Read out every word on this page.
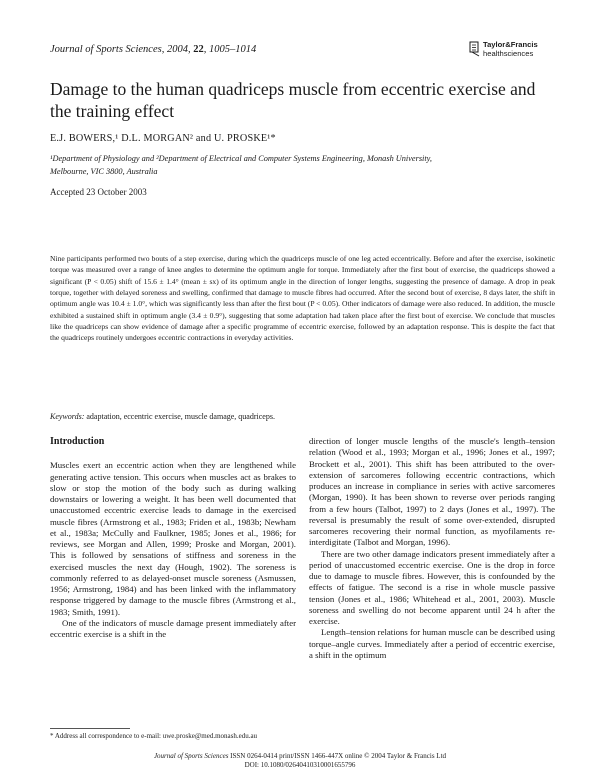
Journal of Sports Sciences, 2004, 22, 1005–1014	Taylor&Francis
healthsciences
Damage to the human quadriceps muscle from eccentric exercise and the training effect
E.J. BOWERS,¹ D.L. MORGAN² and U. PROSKE¹*
¹Department of Physiology and ²Department of Electrical and Computer Systems Engineering, Monash University,
Melbourne, VIC 3800, Australia
Accepted 23 October 2003
Nine participants performed two bouts of a step exercise, during which the quadriceps muscle of one leg acted eccentrically. Before and after the exercise, isokinetic torque was measured over a range of knee angles to determine the optimum angle for torque. Immediately after the first bout of exercise, the quadriceps showed a significant (P < 0.05) shift of 15.6 ± 1.4° (mean ± sx) of its optimum angle in the direction of longer lengths, suggesting the presence of damage. A drop in peak torque, together with delayed soreness and swelling, confirmed that damage to muscle fibres had occurred. After the second bout of exercise, 8 days later, the shift in optimum angle was 10.4 ± 1.0°, which was significantly less than after the first bout (P < 0.05). Other indicators of damage were also reduced. In addition, the muscle exhibited a sustained shift in optimum angle (3.4 ± 0.9°), suggesting that some adaptation had taken place after the first bout of exercise. We conclude that muscles like the quadriceps can show evidence of damage after a specific programme of eccentric exercise, followed by an adaptation response. This is despite the fact that the quadriceps routinely undergoes eccentric contractions in everyday activities.
Keywords: adaptation, eccentric exercise, muscle damage, quadriceps.
Introduction

Muscles exert an eccentric action when they are lengthened while generating active tension. This occurs when muscles act as brakes to slow or stop the motion of the body such as during walking downstairs or lowering a weight. It has been well documented that unaccustomed eccentric exercise leads to damage in the exercised muscle fibres (Armstrong et al., 1983; Friden et al., 1983b; Newham et al., 1983a; McCully and Faulkner, 1985; Jones et al., 1986; for reviews, see Morgan and Allen, 1999; Proske and Morgan, 2001). This is followed by sensations of stiffness and soreness in the exercised muscles the next day (Hough, 1902). The soreness is commonly referred to as delayed-onset muscle soreness (Asmussen, 1956; Armstrong, 1984) and has been linked with the inflammatory response triggered by damage to the muscle fibres (Armstrong et al., 1983; Smith, 1991).

One of the indicators of muscle damage present immediately after eccentric exercise is a shift in the

direction of longer muscle lengths of the muscle's length–tension relation (Wood et al., 1993; Morgan et al., 1996; Jones et al., 1997; Brockett et al., 2001). This shift has been attributed to the over-extension of sarcomeres following eccentric contractions, which produces an increase in compliance in series with active sarcomeres (Morgan, 1990). It has been shown to reverse over periods ranging from a few hours (Talbot, 1997) to 2 days (Jones et al., 1997). The reversal is presumably the result of some over-extended, disrupted sarcomeres recovering their normal function, as myofilaments re-interdigitate (Talbot and Morgan, 1996).

There are two other damage indicators present immediately after a period of unaccustomed eccentric exercise. One is the drop in force due to damage to muscle fibres. However, this is confounded by the effects of fatigue. The second is a rise in whole muscle passive tension (Jones et al., 1986; Whitehead et al., 2001, 2003). Muscle soreness and swelling do not become apparent until 24 h after the exercise.

Length–tension relations for human muscle can be described using torque–angle curves. Immediately after a period of eccentric exercise, a shift in the optimum

* Address all correspondence to e-mail: uwe.proske@med.monash.edu.au
Journal of Sports Sciences ISSN 0264-0414 print/ISSN 1466-447X online © 2004 Taylor & Francis Ltd
DOI: 10.1080/02640410310001655796
